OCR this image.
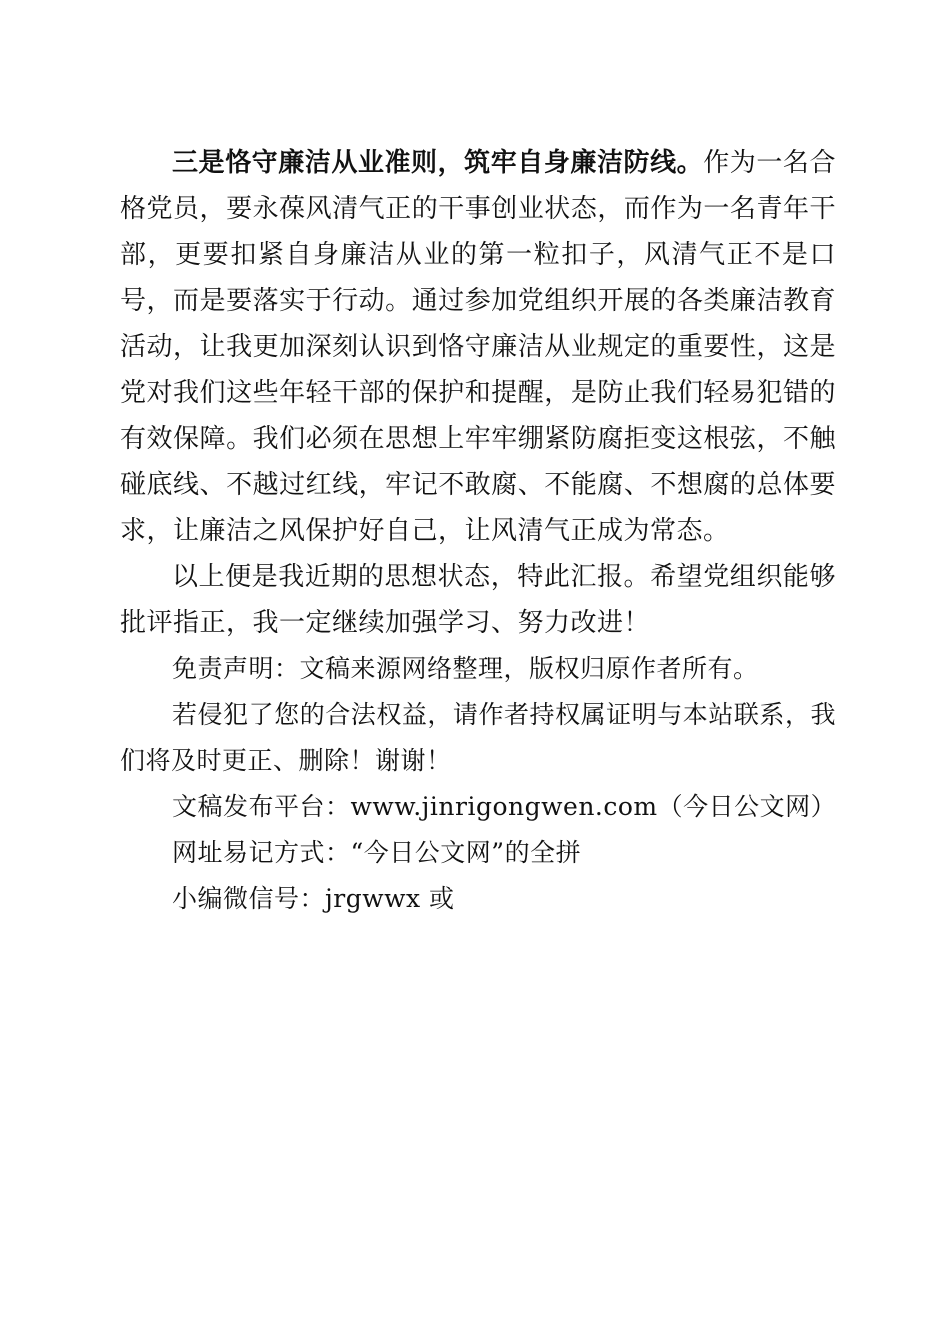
三是恪守廉洁从业准则，筑牢自身廉洁防线。作为一名合格党员，要永葆风清气正的干事创业状态，而作为一名青年干部，更要扣紧自身廉洁从业的第一粒扣子，风清气正不是口号，而是要落实于行动。通过参加党组织开展的各类廉洁教育活动，让我更加深刻认识到恪守廉洁从业规定的重要性，这是党对我们这些年轻干部的保护和提醒，是防止我们轻易犯错的有效保障。我们必须在思想上牢牢绷紧防腐拒变这根弦，不触碰底线、不越过红线，牢记不敢腐、不能腐、不想腐的总体要求，让廉洁之风保护好自己，让风清气正成为常态。

以上便是我近期的思想状态，特此汇报。希望党组织能够批评指正，我一定继续加强学习、努力改进！

免责声明：文稿来源网络整理，版权归原作者所有。

若侵犯了您的合法权益，请作者持权属证明与本站联系，我们将及时更正、删除！谢谢！

文稿发布平台：www.jinrigongwen.com（今日公文网）

网址易记方式：“今日公文网”的全拼

小编微信号：jrgwwx 或
